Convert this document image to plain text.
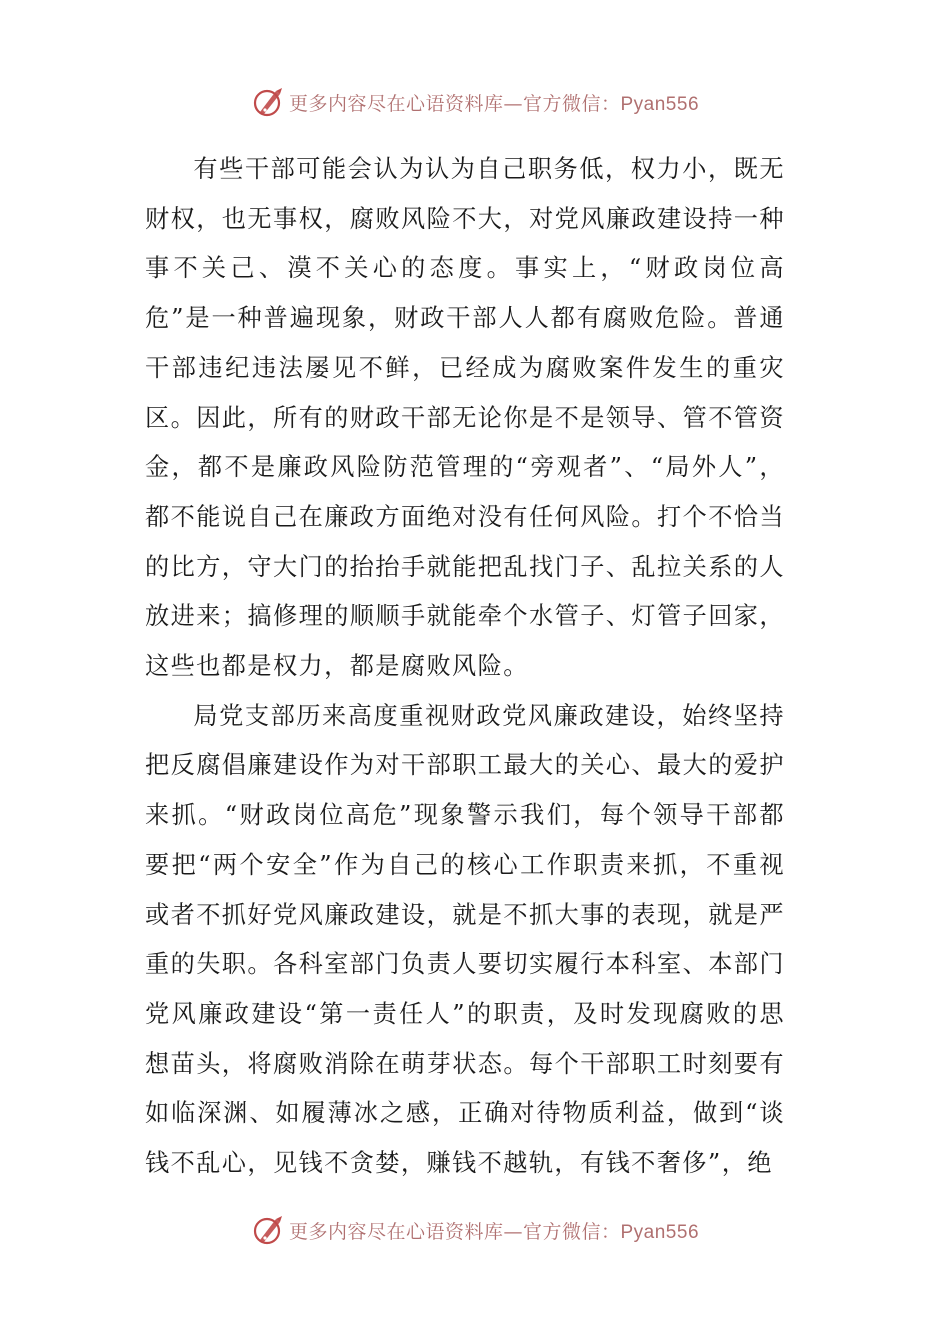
更多内容尽在心语资料库—官方微信：Pyan556

有些干部可能会认为认为自己职务低，权力小，既无财权，也无事权，腐败风险不大，对党风廉政建设持一种事不关己、漠不关心的态度。事实上，“财政岗位高危”是一种普遍现象，财政干部人人都有腐败危险。普通干部违纪违法屡见不鲜，已经成为腐败案件发生的重灾区。因此，所有的财政干部无论你是不是领导、管不管资金，都不是廉政风险防范管理的“旁观者”、“局外人”，都不能说自己在廉政方面绝对没有任何风险。打个不恰当的比方，守大门的抬抬手就能把乱找门子、乱拉关系的人放进来；搞修理的顺顺手就能牵个水管子、灯管子回家，这些也都是权力，都是腐败风险。

局党支部历来高度重视财政党风廉政建设，始终坚持把反腐倡廉建设作为对干部职工最大的关心、最大的爱护来抓。“财政岗位高危”现象警示我们，每个领导干部都要把“两个安全”作为自己的核心工作职责来抓，不重视或者不抓好党风廉政建设，就是不抓大事的表现，就是严重的失职。各科室部门负责人要切实履行本科室、本部门党风廉政建设“第一责任人”的职责，及时发现腐败的思想苗头，将腐败消除在萌芽状态。每个干部职工时刻要有如临深渊、如履薄冰之感，正确对待物质利益，做到“谈钱不乱心，见钱不贪婪，赚钱不越轨，有钱不奢侈”，绝

更多内容尽在心语资料库—官方微信：Pyan556
